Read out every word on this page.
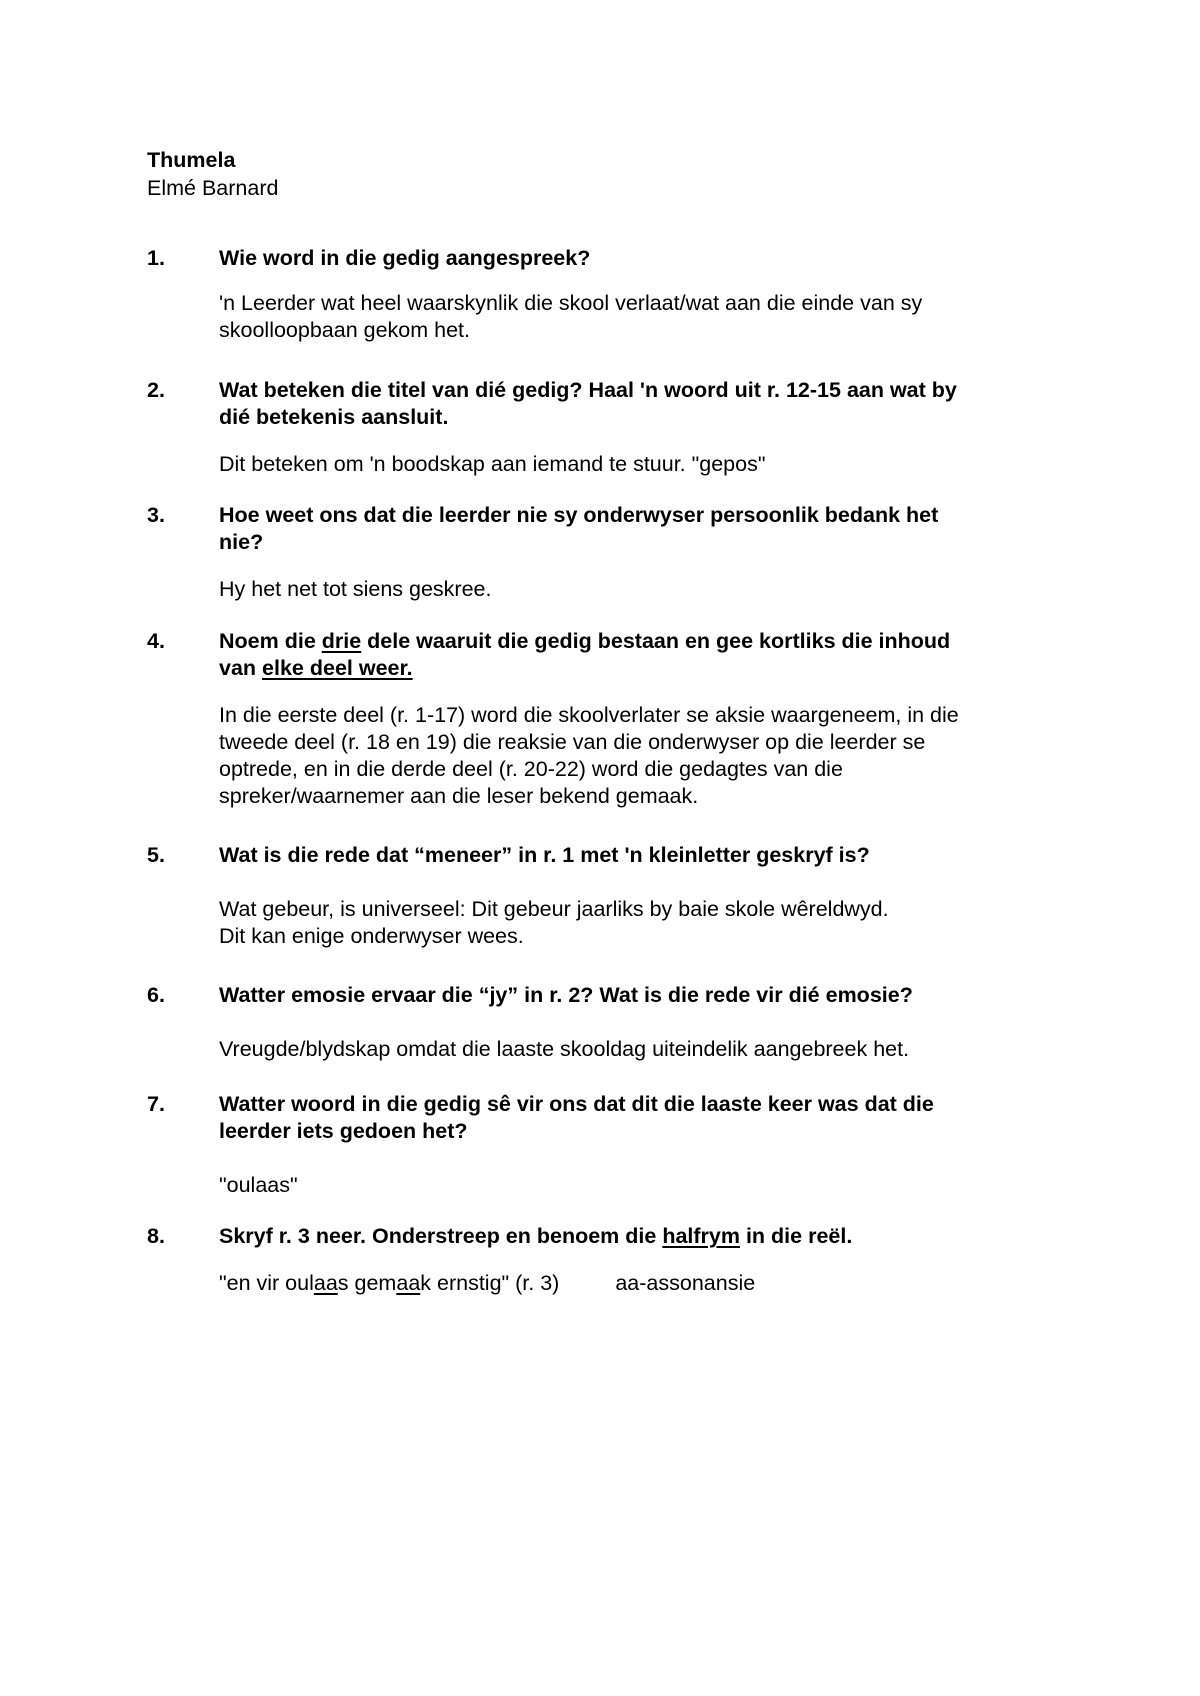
Thumela
Elmé Barnard
1.	Wie word in die gedig aangespreek?
'n Leerder wat heel waarskynlik die skool verlaat/wat aan die einde van sy
skoolloopbaan gekom het.
2.	Wat beteken die titel van dié gedig? Haal 'n woord uit r. 12-15 aan wat by
dié betekenis aansluit.
Dit beteken om 'n boodskap aan iemand te stuur. "gepos"
3.	Hoe weet ons dat die leerder nie sy onderwyser persoonlik bedank het
nie?
Hy het net tot siens geskree.
4.	Noem die drie dele waaruit die gedig bestaan en gee kortliks die inhoud
van elke deel weer.
In die eerste deel (r. 1-17) word die skoolverlater se aksie waargeneem, in die
tweede deel (r. 18 en 19) die reaksie van die onderwyser op die leerder se
optrede, en in die derde deel (r. 20-22) word die gedagtes van die
spreker/waarnemer aan die leser bekend gemaak.
5.	Wat is die rede dat “meneer” in r. 1 met 'n kleinletter geskryf is?
Wat gebeur, is universeel: Dit gebeur jaarliks by baie skole wêreldwyd.
Dit kan enige onderwyser wees.
6.	Watter emosie ervaar die “jy” in r. 2? Wat is die rede vir dié emosie?
Vreugde/blydskap omdat die laaste skooldag uiteindelik aangebreek het.
7.	Watter woord in die gedig sê vir ons dat dit die laaste keer was dat die
leerder iets gedoen het?
"oulaas"
8.	Skryf r. 3 neer. Onderstreep en benoem die halfrym in die reël.
"en vir oulaas gemaak ernstig" (r. 3)	aa-assonansie
